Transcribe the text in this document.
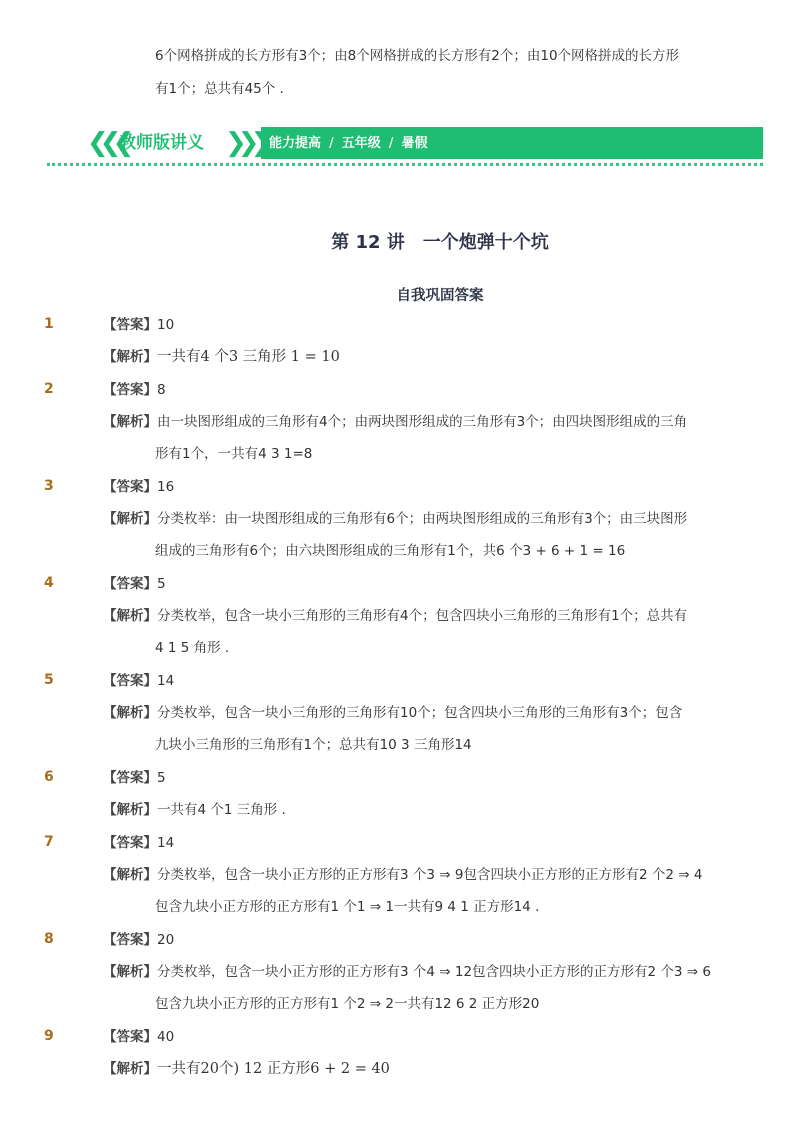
6个网格拼成的长方形有3个；由8个网格拼成的长方形有2个；由10个网格拼成的长方形

有1个；总共有45个 .

❮❮❮
教师版讲义 ❯❯❯ 能力提高 / 五年级 / 暑假
第 12 讲　一个炮弹十个坑
自我巩固答案
1	【答案】10
【解析】一共有4 个3 三角形 1 = 10
2	【答案】8
【解析】由一块图形组成的三角形有4个；由两块图形组成的三角形有3个；由四块图形组成的三角
形有1个，一共有4 3 1=8
3	【答案】16
【解析】分类枚举：由一块图形组成的三角形有6个；由两块图形组成的三角形有3个；由三块图形
组成的三角形有6个；由六块图形组成的三角形有1个，共6 个3 + 6 + 1 = 16
4	【答案】5
【解析】分类枚举，包含一块小三角形的三角形有4个；包含四块小三角形的三角形有1个；总共有
4 1 5 角形 .
5	【答案】14
【解析】分类枚举，包含一块小三角形的三角形有10个；包含四块小三角形的三角形有3个；包含
九块小三角形的三角形有1个；总共有10 3 三角形14
6	【答案】5
【解析】一共有4 个1 三角形 .
7	【答案】14
【解析】分类枚举，包含一块小正方形的正方形有3 个3 ⇒ 9包含四块小正方形的正方形有2 个2 ⇒ 4
包含九块小正方形的正方形有1 个1 ⇒ 1一共有9 4 1 正方形14 .
8	【答案】20
【解析】分类枚举，包含一块小正方形的正方形有3 个4 ⇒ 12包含四块小正方形的正方形有2 个3 ⇒ 6
包含九块小正方形的正方形有1 个2 ⇒ 2一共有12 6 2 正方形20
9	【答案】40
【解析】一共有20个) 12 正方形6 + 2 = 40
